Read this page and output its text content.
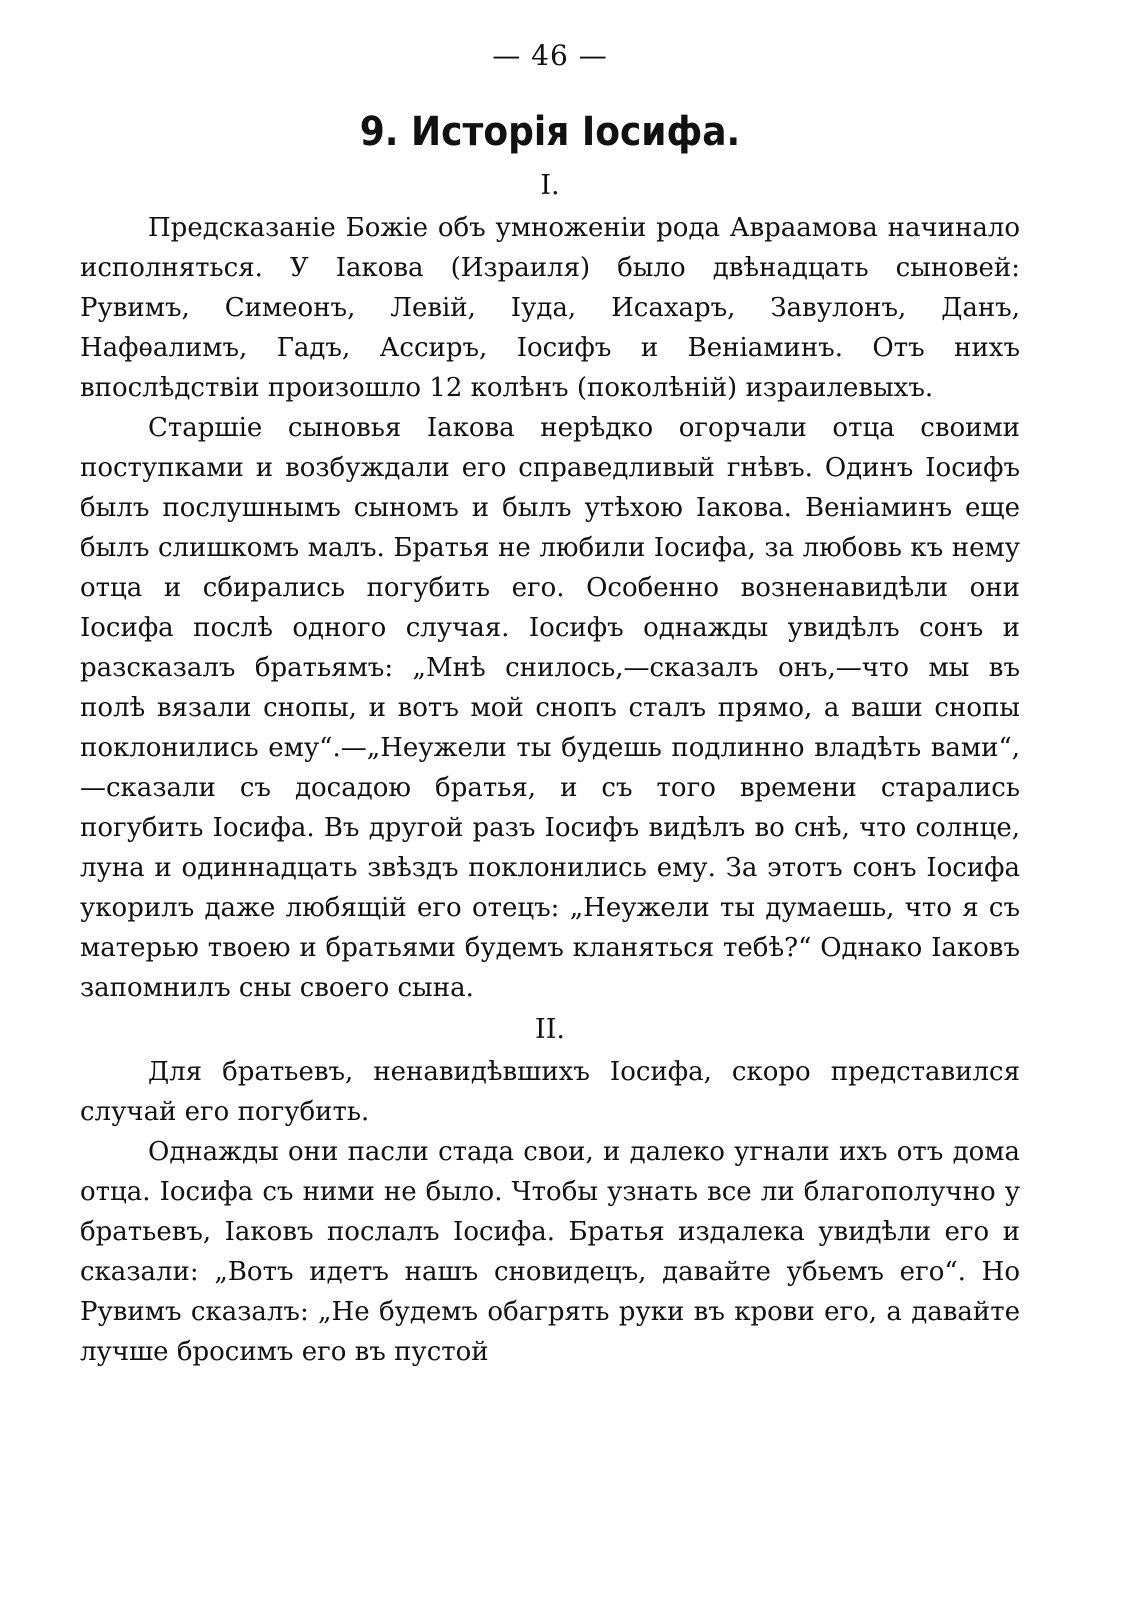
— 46 —
9. Исторія Іосифа.
I.

Предсказаніе Божіе объ умноженіи рода Авраамова начинало исполняться. У Іакова (Израиля) было двѣнадцать сыновей: Рувимъ, Симеонъ, Левій, Іуда, Исахаръ, Завулонъ, Данъ, Нафѳалимъ, Гадъ, Ассиръ, Іосифъ и Веніаминъ. Отъ нихъ впослѣдствіи произошло 12 колѣнъ (поколѣній) израилевыхъ.

Старшіе сыновья Іакова нерѣдко огорчали отца своими поступками и возбуждали его справедливый гнѣвъ. Одинъ Іосифъ былъ послушнымъ сыномъ и былъ утѣхою Іакова. Веніаминъ еще былъ слишкомъ малъ. Братья не любили Іосифа, за любовь къ нему отца и сбирались погубить его. Особенно возненавидѣли они Іосифа послѣ одного случая. Іосифъ однажды увидѣлъ сонъ и разсказалъ братьямъ: „Мнѣ снилось,—сказалъ онъ,—что мы въ полѣ вязали снопы, и вотъ мой снопъ сталъ прямо, а ваши снопы поклонились ему“.—„Неужели ты будешь подлинно владѣть вами“,—сказали съ досадою братья, и съ того времени старались погубить Іосифа. Въ другой разъ Іосифъ видѣлъ во снѣ, что солнце, луна и одиннадцать звѣздъ поклонились ему. За этотъ сонъ Іосифа укорилъ даже любящій его отецъ: „Неужели ты думаешь, что я съ матерью твоею и братьями будемъ кланяться тебѣ?“ Однако Іаковъ запомнилъ сны своего сына.

II.

Для братьевъ, ненавидѣвшихъ Іосифа, скоро представился случай его погубить.

Однажды они пасли стада свои, и далеко угнали ихъ отъ дома отца. Іосифа съ ними не было. Чтобы узнать все ли благополучно у братьевъ, Іаковъ послалъ Іосифа. Братья издалека увидѣли его и сказали: „Вотъ идетъ нашъ сновидецъ, давайте убьемъ его“. Но Рувимъ сказалъ: „Не будемъ обагрять руки въ крови его, а давайте лучше бросимъ его въ пустой
